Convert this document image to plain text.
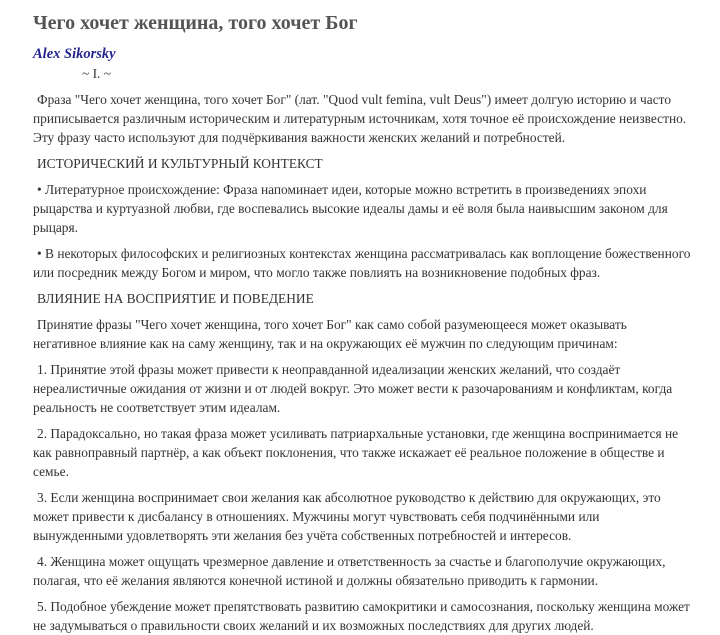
Чего хочет женщина, того хочет Бог
Alex Sikorsky

~ I. ~

Фраза "Чего хочет женщина, того хочет Бог" (лат. "Quod vult femina, vult Deus") имеет долгую историю и часто приписывается различным историческим и литературным источникам, хотя точное её происхождение неизвестно. Эту фразу часто используют для подчёркивания важности женских желаний и потребностей.

ИСТОРИЧЕСКИЙ И КУЛЬТУРНЫЙ КОНТЕКСТ

• Литературное происхождение: Фраза напоминает идеи, которые можно встретить в произведениях эпохи рыцарства и куртуазной любви, где воспевались высокие идеалы дамы и её воля была наивысшим законом для рыцаря.

• В некоторых философских и религиозных контекстах женщина рассматривалась как воплощение божественного или посредник между Богом и миром, что могло также повлиять на возникновение подобных фраз.

ВЛИЯНИЕ НА ВОСПРИЯТИЕ И ПОВЕДЕНИЕ

Принятие фразы "Чего хочет женщина, того хочет Бог" как само собой разумеющееся может оказывать негативное влияние как на саму женщину, так и на окружающих её мужчин по следующим причинам:

1. Принятие этой фразы может привести к неоправданной идеализации женских желаний, что создаёт нереалистичные ожидания от жизни и от людей вокруг. Это может вести к разочарованиям и конфликтам, когда реальность не соответствует этим идеалам.

2. Парадоксально, но такая фраза может усиливать патриархальные установки, где женщина воспринимается не как равноправный партнёр, а как объект поклонения, что также искажает её реальное положение в обществе и семье.

3. Если женщина воспринимает свои желания как абсолютное руководство к действию для окружающих, это может привести к дисбалансу в отношениях. Мужчины могут чувствовать себя подчинёнными или вынужденными удовлетворять эти желания без учёта собственных потребностей и интересов.

4. Женщина может ощущать чрезмерное давление и ответственность за счастье и благополучие окружающих, полагая, что её желания являются конечной истиной и должны обязательно приводить к гармонии.

5. Подобное убеждение может препятствовать развитию самокритики и самосознания, поскольку женщина может не задумываться о правильности своих желаний и их возможных последствиях для других людей.
